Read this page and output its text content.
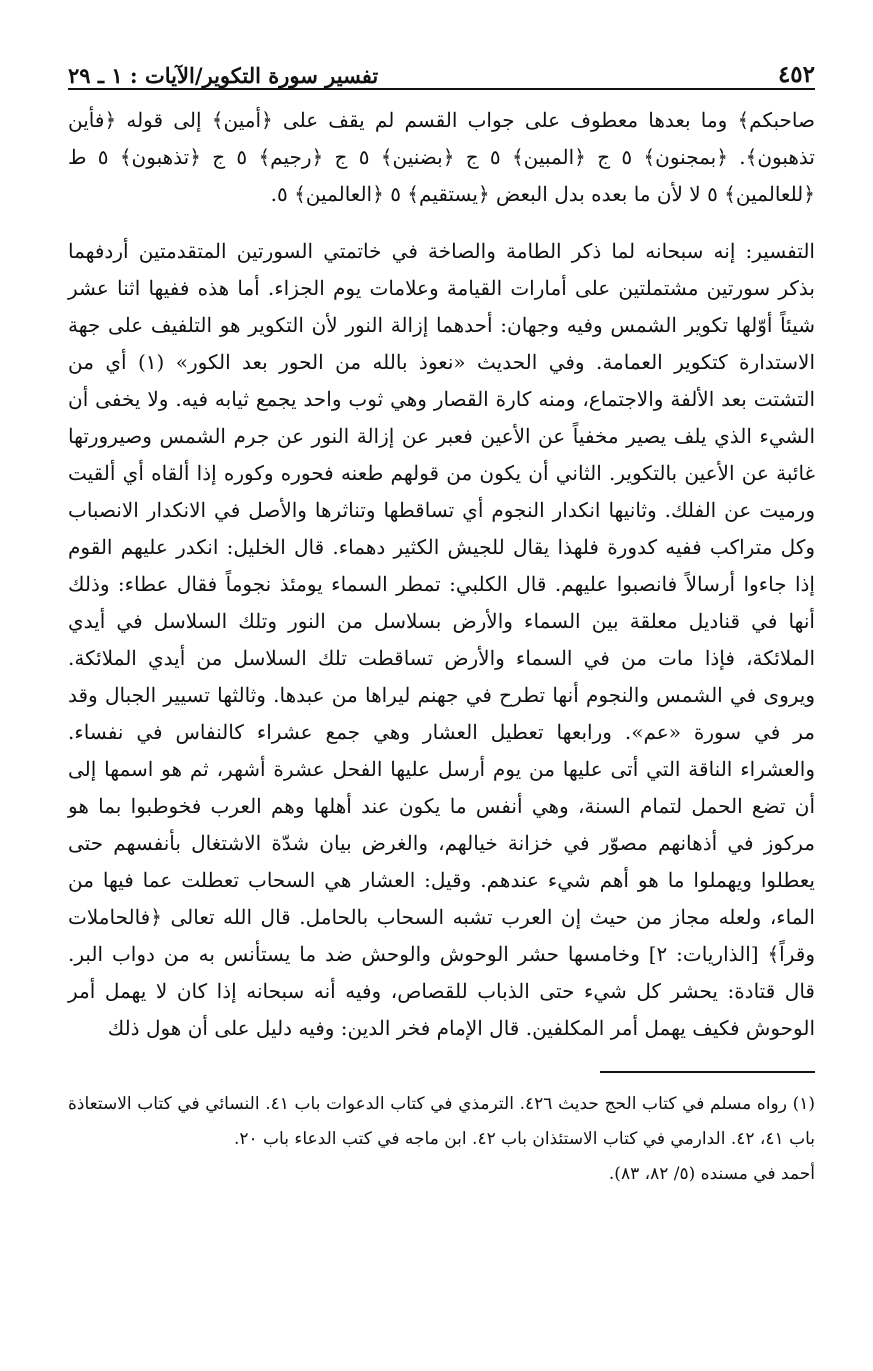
تفسير سورة التكوير/الآيات : ١ ـ ٢٩	٤٥٢

صاحبكم﴾ وما بعدها معطوف على جواب القسم لم يقف على ﴿أمين﴾ إلى قوله ﴿فأين تذهبون﴾. ﴿بمجنون﴾ ٥ ج ﴿المبين﴾ ٥ ج ﴿بضنين﴾ ٥ ج ﴿رجيم﴾ ٥ ج ﴿تذهبون﴾ ٥ ط ﴿للعالمين﴾ ٥ لا لأن ما بعده بدل البعض ﴿يستقيم﴾ ٥ ﴿العالمين﴾ ٥.

التفسير: إنه سبحانه لما ذكر الطامة والصاخة في خاتمتي السورتين المتقدمتين أردفهما بذكر سورتين مشتملتين على أمارات القيامة وعلامات يوم الجزاء. أما هذه ففيها اثنا عشر شيئاً أوّلها تكوير الشمس وفيه وجهان: أحدهما إزالة النور لأن التكوير هو التلفيف على جهة الاستدارة كتكوير العمامة. وفي الحديث «نعوذ بالله من الحور بعد الكور» (١) أي من التشتت بعد الألفة والاجتماع، ومنه كارة القصار وهي ثوب واحد يجمع ثيابه فيه. ولا يخفى أن الشيء الذي يلف يصير مخفياً عن الأعين فعبر عن إزالة النور عن جرم الشمس وصيرورتها غائبة عن الأعين بالتكوير. الثاني أن يكون من قولهم طعنه فحوره وكوره إذا ألقاه أي ألقيت ورميت عن الفلك. وثانيها انكدار النجوم أي تساقطها وتناثرها والأصل في الانكدار الانصباب وكل متراكب ففيه كدورة فلهذا يقال للجيش الكثير دهماء. قال الخليل: انكدر عليهم القوم إذا جاءوا أرسالاً فانصبوا عليهم. قال الكلبي: تمطر السماء يومئذ نجوماً فقال عطاء: وذلك أنها في قناديل معلقة بين السماء والأرض بسلاسل من النور وتلك السلاسل في أيدي الملائكة، فإذا مات من في السماء والأرض تساقطت تلك السلاسل من أيدي الملائكة. ويروى في الشمس والنجوم أنها تطرح في جهنم ليراها من عبدها. وثالثها تسيير الجبال وقد مر في سورة «عم». ورابعها تعطيل العشار وهي جمع عشراء كالنفاس في نفساء. والعشراء الناقة التي أتى عليها من يوم أرسل عليها الفحل عشرة أشهر، ثم هو اسمها إلى أن تضع الحمل لتمام السنة، وهي أنفس ما يكون عند أهلها وهم العرب فخوطبوا بما هو مركوز في أذهانهم مصوّر في خزانة خيالهم، والغرض بيان شدّة الاشتغال بأنفسهم حتى يعطلوا ويهملوا ما هو أهم شيء عندهم. وقيل: العشار هي السحاب تعطلت عما فيها من الماء، ولعله مجاز من حيث إن العرب تشبه السحاب بالحامل. قال الله تعالى ﴿فالحاملات وقراً﴾ [الذاريات: ٢] وخامسها حشر الوحوش والوحش ضد ما يستأنس به من دواب البر. قال قتادة: يحشر كل شيء حتى الذباب للقصاص، وفيه أنه سبحانه إذا كان لا يهمل أمر الوحوش فكيف يهمل أمر المكلفين. قال الإمام فخر الدين: وفيه دليل على أن هول ذلك

(١) رواه مسلم في كتاب الحج حديث ٤٢٦. الترمذي في كتاب الدعوات باب ٤١. النسائي في كتاب الاستعاذة باب ٤١، ٤٢. الدارمي في كتاب الاستئذان باب ٤٢. ابن ماجه في كتب الدعاء باب ٢٠.

أحمد في مسنده (٥/ ٨٢، ٨٣).
